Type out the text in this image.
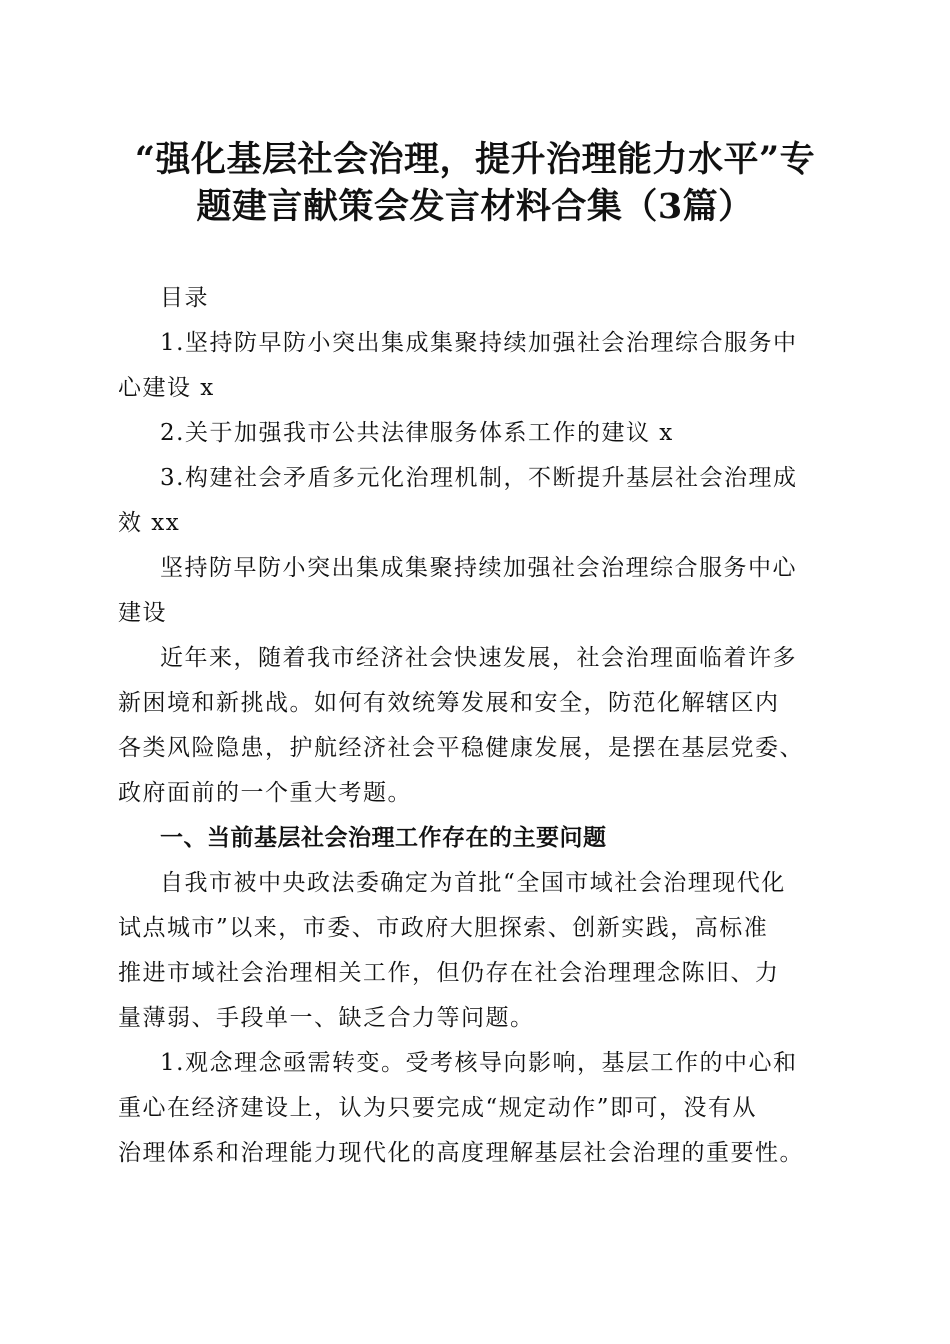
“强化基层社会治理，提升治理能力水平”专
题建言献策会发言材料合集（3篇）

目录

1.坚持防早防小突出集成集聚持续加强社会治理综合服务中
心建设 x

2.关于加强我市公共法律服务体系工作的建议 x

3.构建社会矛盾多元化治理机制，不断提升基层社会治理成
效 xx

坚持防早防小突出集成集聚持续加强社会治理综合服务中心
建设

近年来，随着我市经济社会快速发展，社会治理面临着许多
新困境和新挑战。如何有效统筹发展和安全，防范化解辖区内
各类风险隐患，护航经济社会平稳健康发展，是摆在基层党委、
政府面前的一个重大考题。

一、当前基层社会治理工作存在的主要问题

自我市被中央政法委确定为首批“全国市域社会治理现代化
试点城市”以来，市委、市政府大胆探索、创新实践，高标准
推进市域社会治理相关工作，但仍存在社会治理理念陈旧、力
量薄弱、手段单一、缺乏合力等问题。

1.观念理念亟需转变。受考核导向影响，基层工作的中心和
重心在经济建设上，认为只要完成“规定动作”即可，没有从
治理体系和治理能力现代化的高度理解基层社会治理的重要性。
